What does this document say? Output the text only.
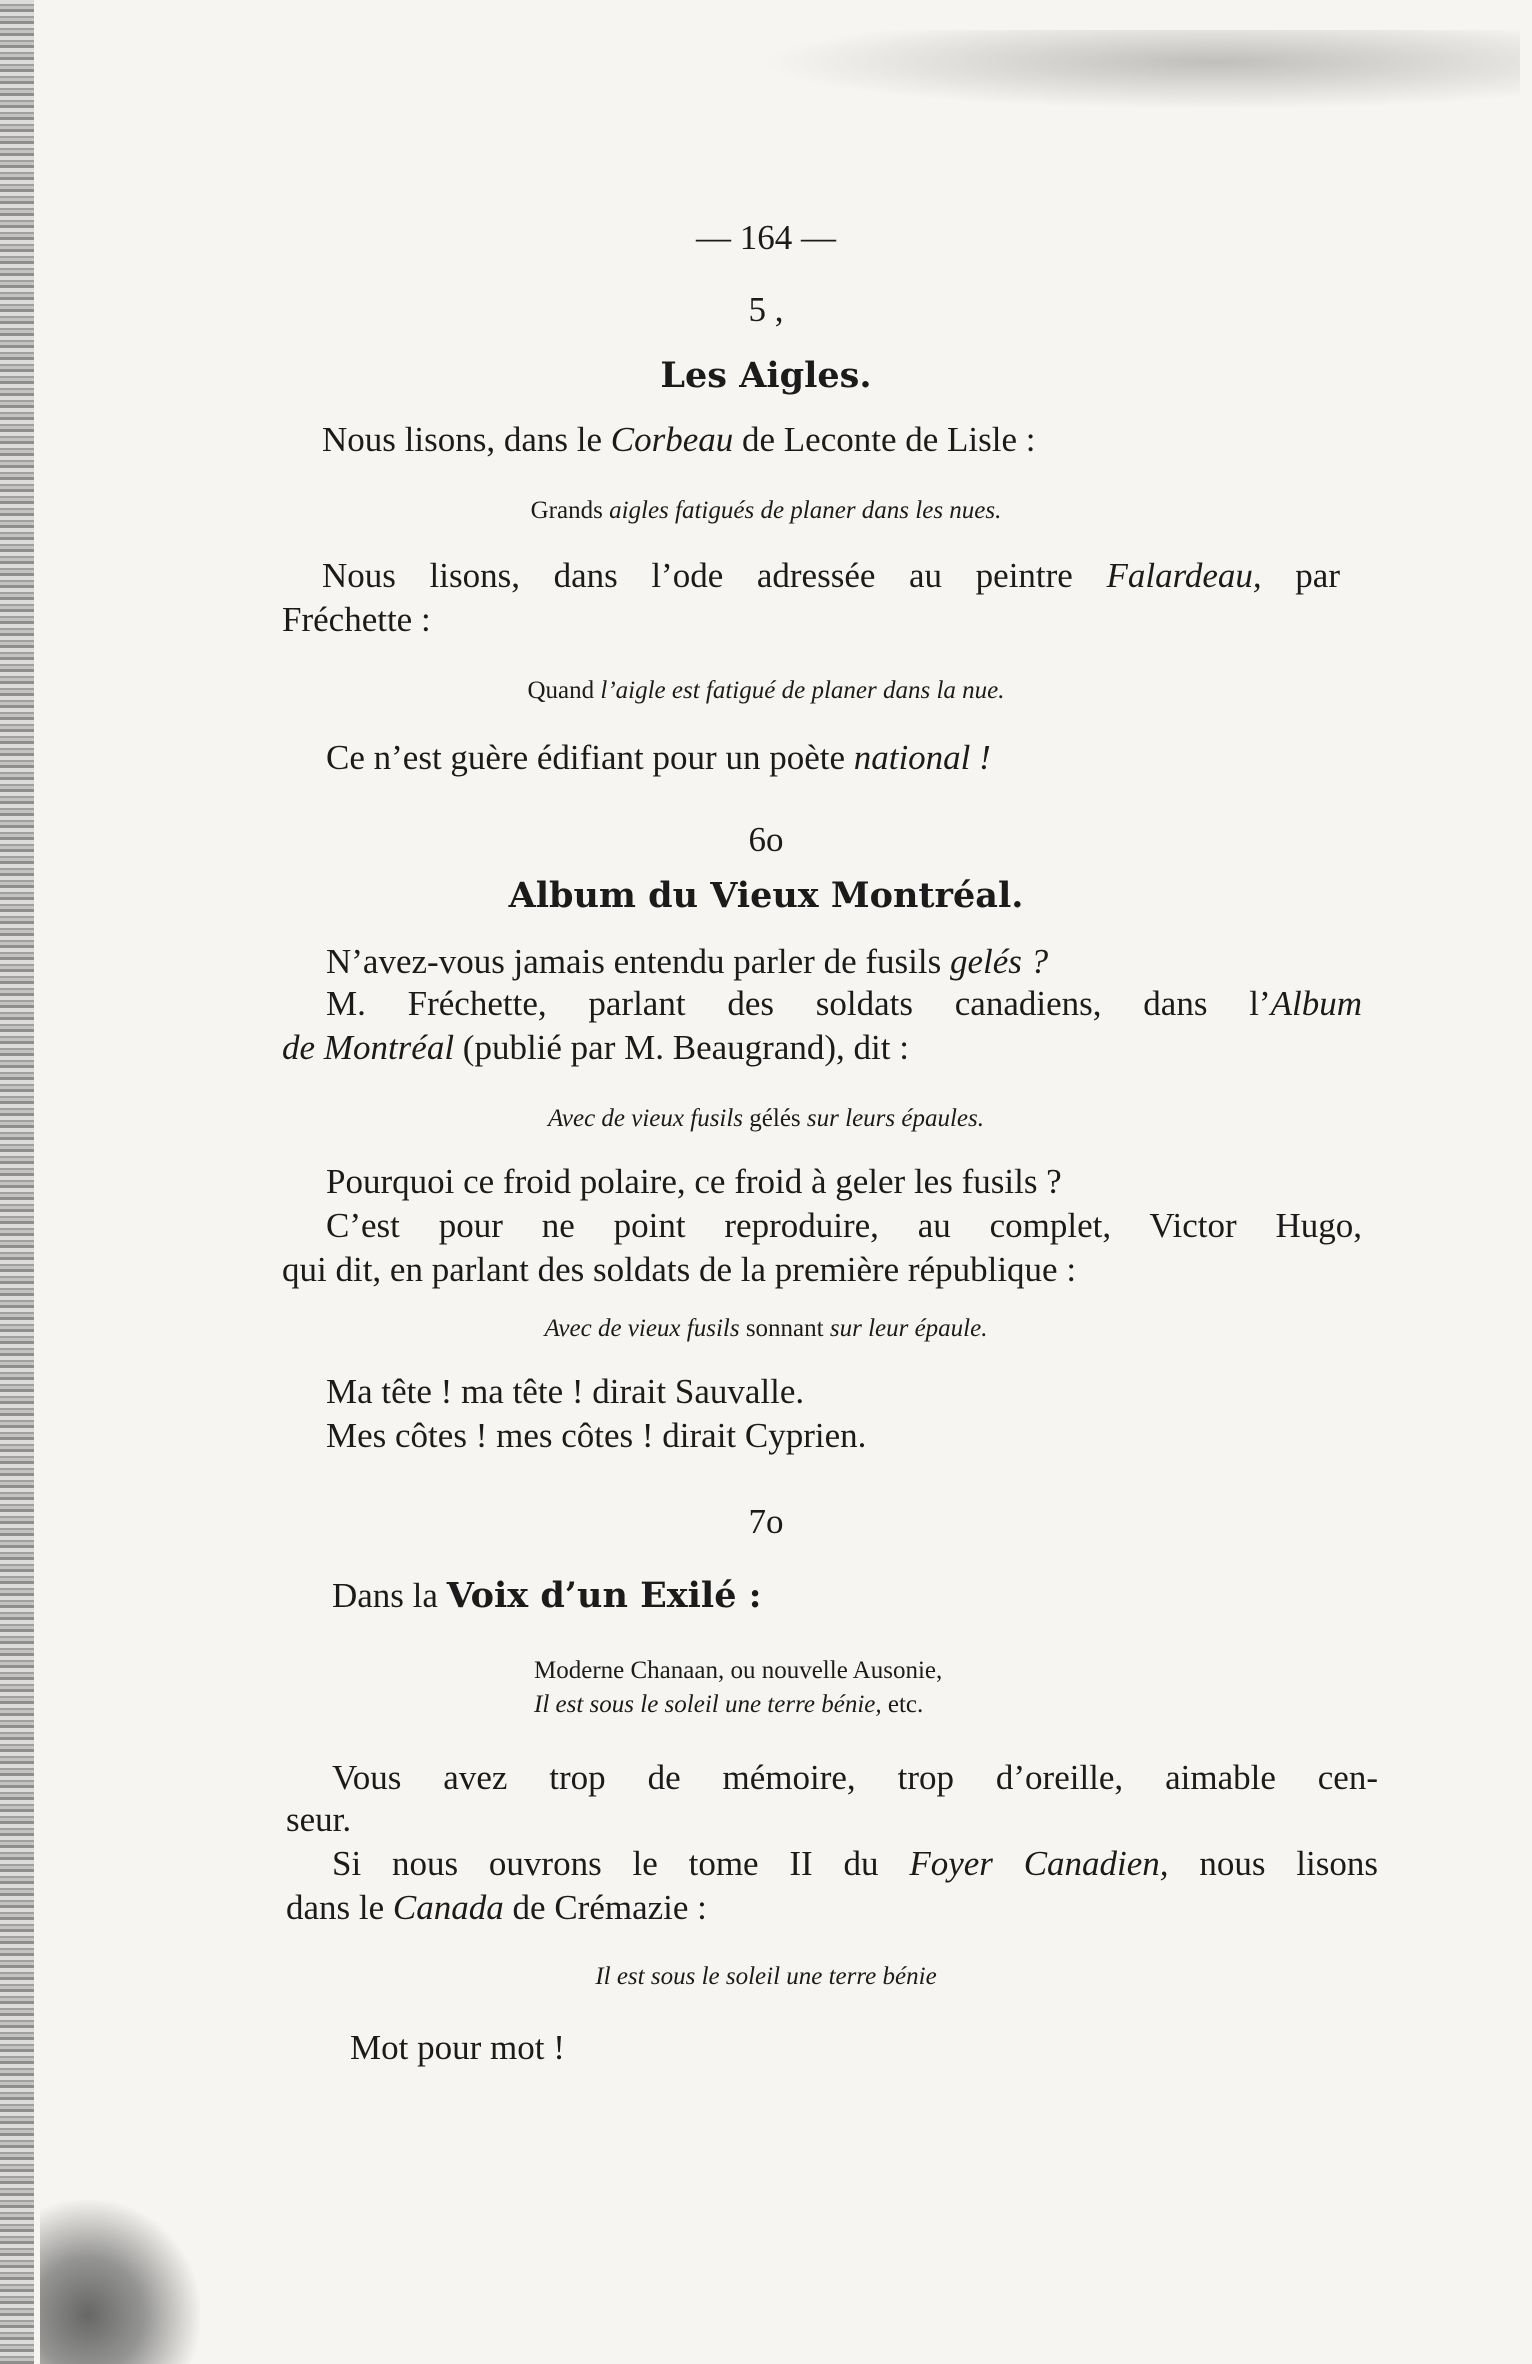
— 164 —

5 ,

Les Aigles.

Nous lisons, dans le Corbeau de Leconte de Lisle :

Grands aigles fatigués de planer dans les nues.

Nous lisons, dans l’ode adressée au peintre Falardeau, par

Fréchette :

Quand l’aigle est fatigué de planer dans la nue.

Ce n’est guère édifiant pour un poète national !

6o

Album du Vieux Montréal.

N’avez-vous jamais entendu parler de fusils gelés ?

M. Fréchette, parlant des soldats canadiens, dans l’Album

de Montréal (publié par M. Beaugrand), dit :

Avec de vieux fusils gélés sur leurs épaules.

Pourquoi ce froid polaire, ce froid à geler les fusils ?

C’est pour ne point reproduire, au complet, Victor Hugo,

qui dit, en parlant des soldats de la première république :

Avec de vieux fusils sonnant sur leur épaule.

Ma tête ! ma tête ! dirait Sauvalle.

Mes côtes ! mes côtes ! dirait Cyprien.

7o

Dans la Voix d’un Exilé :

Moderne Chanaan, ou nouvelle Ausonie,

Il est sous le soleil une terre bénie, etc.

Vous avez trop de mémoire, trop d’oreille, aimable cen-

seur.

Si nous ouvrons le tome II du Foyer Canadien, nous lisons

dans le Canada de Crémazie :

Il est sous le soleil une terre bénie

Mot pour mot !
